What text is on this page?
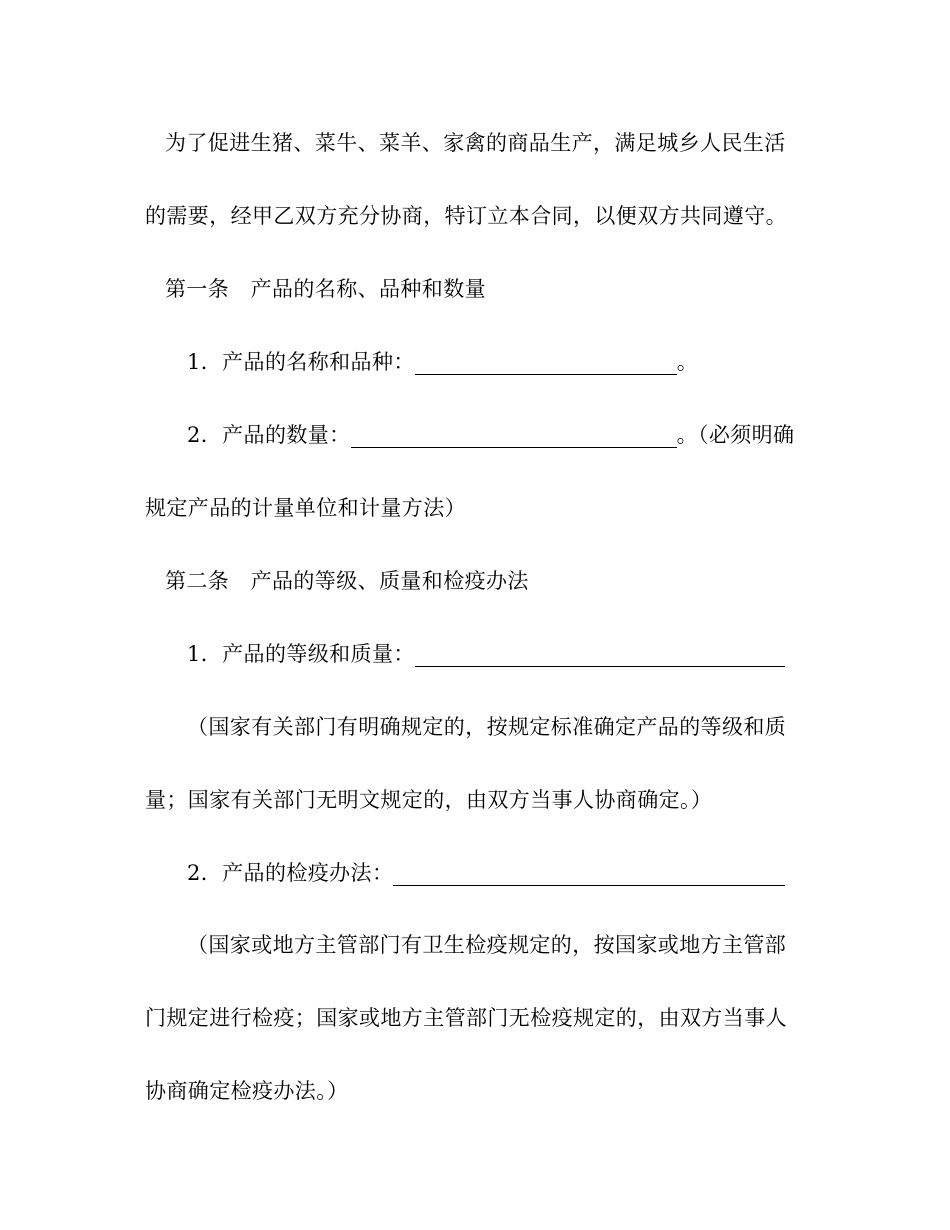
为了促进生猪、菜牛、菜羊、家禽的商品生产，满足城乡人民生活
的需要，经甲乙双方充分协商，特订立本合同，以便双方共同遵守。
第一条　产品的名称、品种和数量
1．产品的名称和品种：	。
2．产品的数量：	。（必须明确
规定产品的计量单位和计量方法）
第二条　产品的等级、质量和检疫办法
1．产品的等级和质量：
（国家有关部门有明确规定的，按规定标准确定产品的等级和质
量；国家有关部门无明文规定的，由双方当事人协商确定。）
2．产品的检疫办法：
（国家或地方主管部门有卫生检疫规定的，按国家或地方主管部
门规定进行检疫；国家或地方主管部门无检疫规定的，由双方当事人
协商确定检疫办法。）
